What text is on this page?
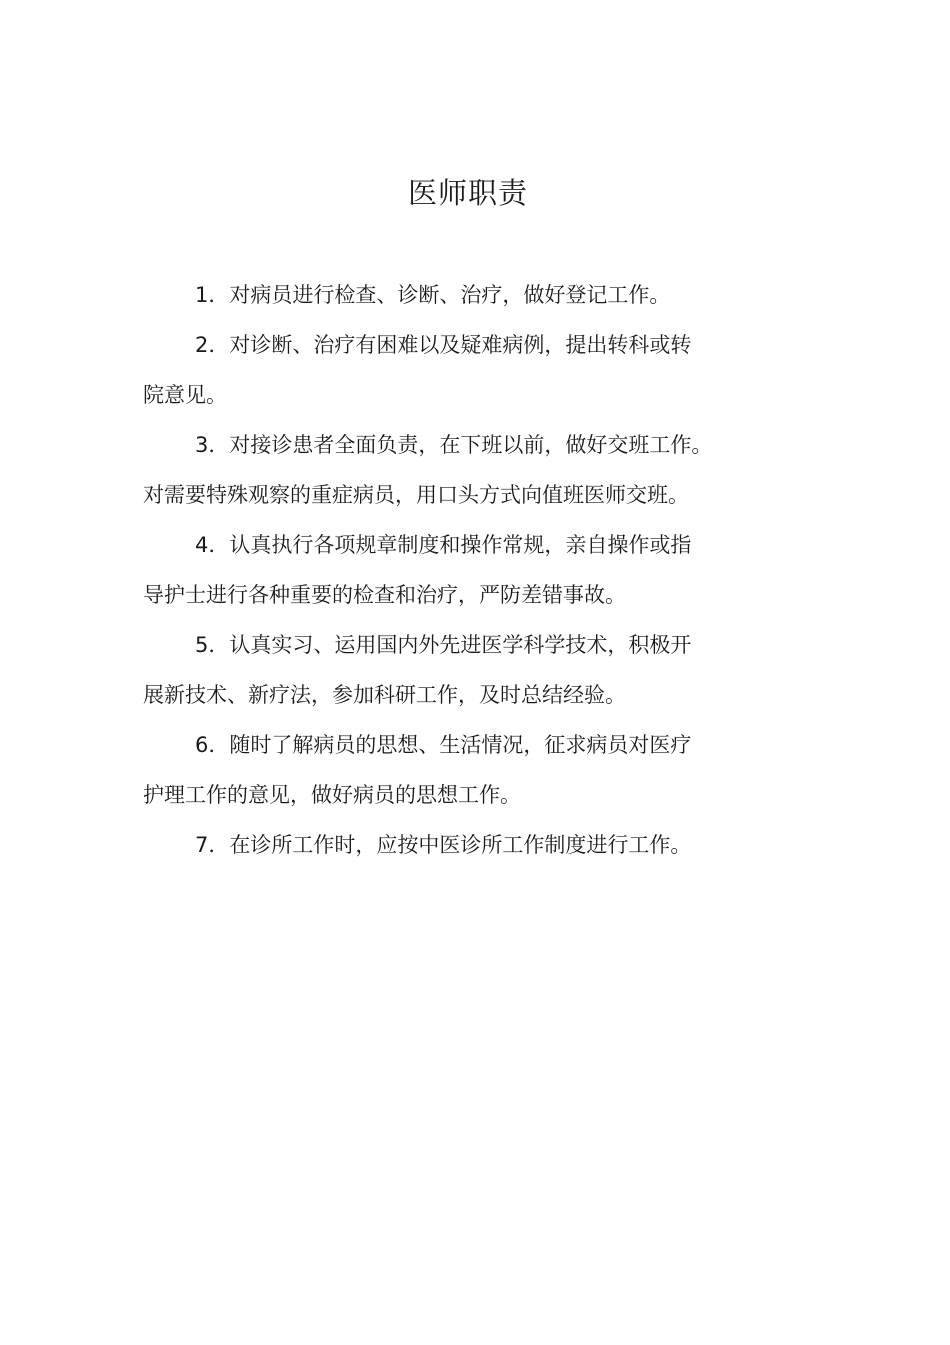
医师职责
1．对病员进行检查、诊断、治疗，做好登记工作。
2．对诊断、治疗有困难以及疑难病例，提出转科或转
院意见。
3．对接诊患者全面负责，在下班以前，做好交班工作。
对需要特殊观察的重症病员，用口头方式向值班医师交班。
4．认真执行各项规章制度和操作常规，亲自操作或指
导护士进行各种重要的检查和治疗，严防差错事故。
5．认真实习、运用国内外先进医学科学技术，积极开
展新技术、新疗法，参加科研工作，及时总结经验。
6．随时了解病员的思想、生活情况，征求病员对医疗
护理工作的意见，做好病员的思想工作。
7．在诊所工作时，应按中医诊所工作制度进行工作。
